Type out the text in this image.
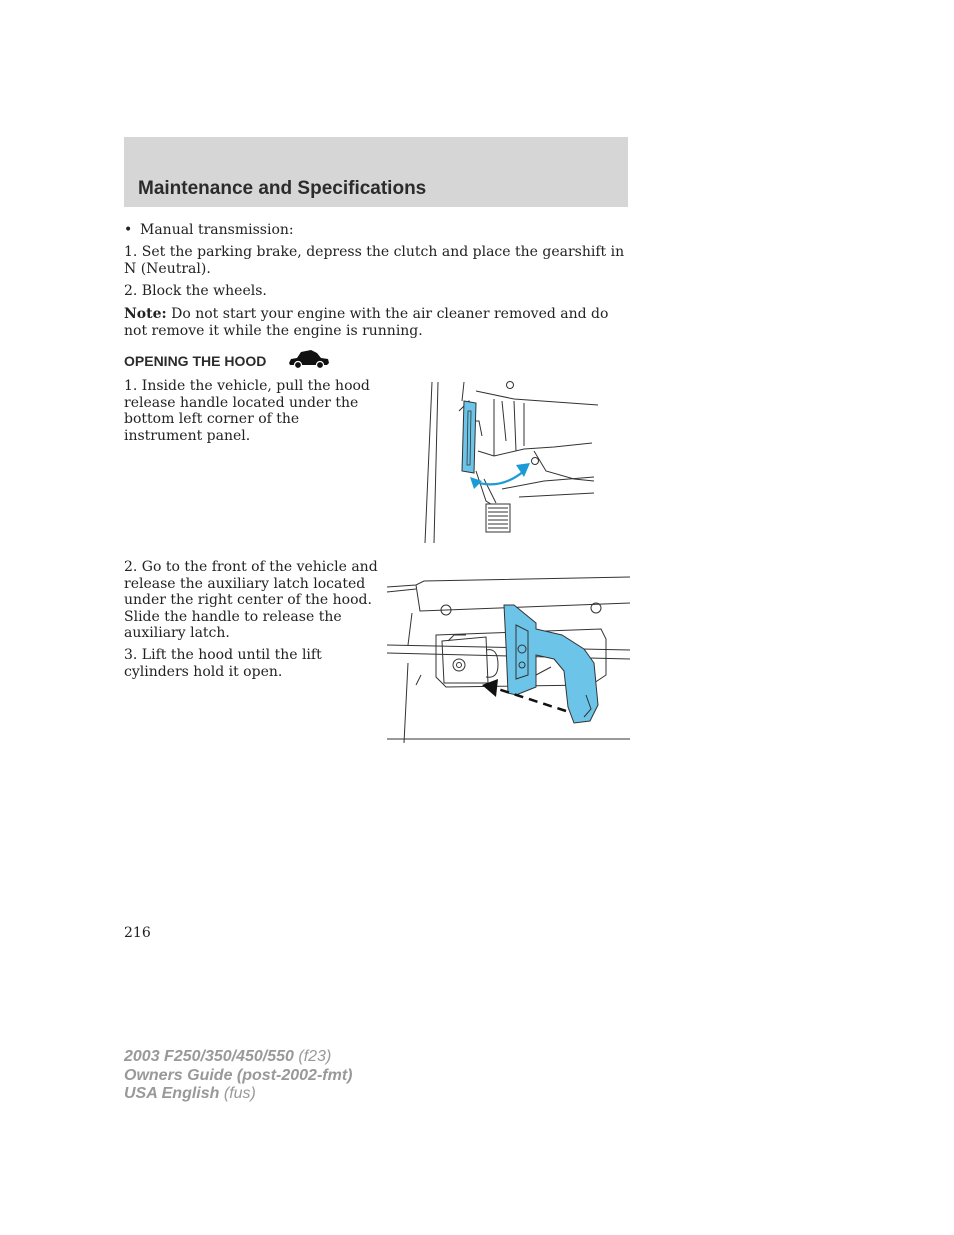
Maintenance and Specifications
• Manual transmission:
1. Set the parking brake, depress the clutch and place the gearshift in N (Neutral).
2. Block the wheels.
Note: Do not start your engine with the air cleaner removed and do not remove it while the engine is running.
OPENING THE HOOD
1. Inside the vehicle, pull the hood release handle located under the bottom left corner of the instrument panel.
2. Go to the front of the vehicle and release the auxiliary latch located under the right center of the hood. Slide the handle to release the auxiliary latch.
3. Lift the hood until the lift cylinders hold it open.
216
2003 F250/350/450/550 (f23)
Owners Guide (post-2002-fmt)
USA English (fus)
